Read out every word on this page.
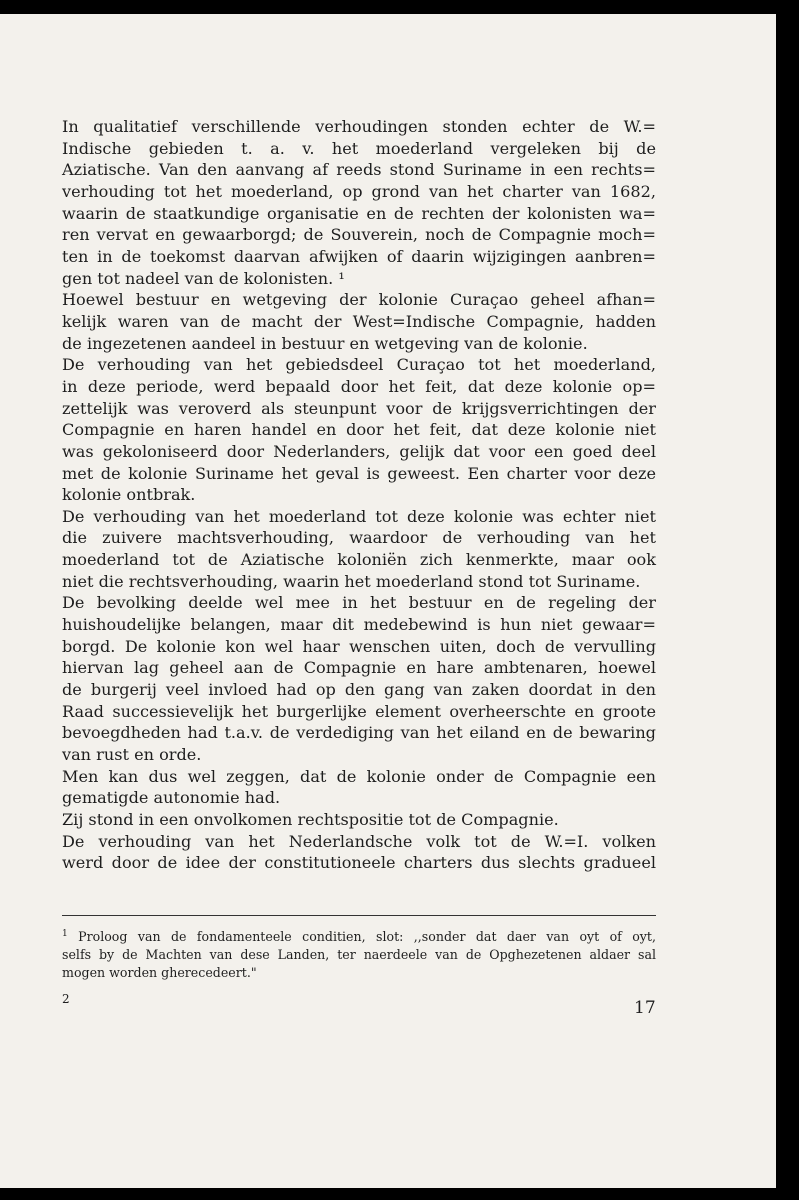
In qualitatief verschillende verhoudingen stonden echter de W.=
Indische gebieden t. a. v. het moederland vergeleken bij de
Aziatische. Van den aanvang af reeds stond Suriname in een rechts=
verhouding tot het moederland, op grond van het charter van 1682,
waarin de staatkundige organisatie en de rechten der kolonisten wa=
ren vervat en gewaarborgd; de Souverein, noch de Compagnie moch=
ten in de toekomst daarvan afwijken of daarin wijzigingen aanbren=
gen tot nadeel van de kolonisten. ¹
Hoewel bestuur en wetgeving der kolonie Curaçao geheel afhan=
kelijk waren van de macht der West=Indische Compagnie, hadden
de ingezetenen aandeel in bestuur en wetgeving van de kolonie.
De verhouding van het gebiedsdeel Curaçao tot het moederland,
in deze periode, werd bepaald door het feit, dat deze kolonie op=
zettelijk was veroverd als steunpunt voor de krijgsverrichtingen der
Compagnie en haren handel en door het feit, dat deze kolonie niet
was gekoloniseerd door Nederlanders, gelijk dat voor een goed deel
met de kolonie Suriname het geval is geweest. Een charter voor deze
kolonie ontbrak.
De verhouding van het moederland tot deze kolonie was echter niet
die zuivere machtsverhouding, waardoor de verhouding van het
moederland tot de Aziatische koloniën zich kenmerkte, maar ook
niet die rechtsverhouding, waarin het moederland stond tot Suriname.
De bevolking deelde wel mee in het bestuur en de regeling der
huishoudelijke belangen, maar dit medebewind is hun niet gewaar=
borgd. De kolonie kon wel haar wenschen uiten, doch de vervulling
hiervan lag geheel aan de Compagnie en hare ambtenaren, hoewel
de burgerij veel invloed had op den gang van zaken doordat in den
Raad successievelijk het burgerlijke element overheerschte en groote
bevoegdheden had t.a.v. de verdediging van het eiland en de bewaring
van rust en orde.
Men kan dus wel zeggen, dat de kolonie onder de Compagnie een
gematigde autonomie had.
Zij stond in een onvolkomen rechtspositie tot de Compagnie.
De verhouding van het Nederlandsche volk tot de W.=I. volken
werd door de idee der constitutioneele charters dus slechts gradueel
$^1$ Proloog van de fondamenteele conditien, slot: ,,sonder dat daer van oyt of oyt,
selfs by de Machten van dese Landen, ter naerdeele van de Opghezetenen aldaer sal
mogen worden gherecedeert."
2	17
